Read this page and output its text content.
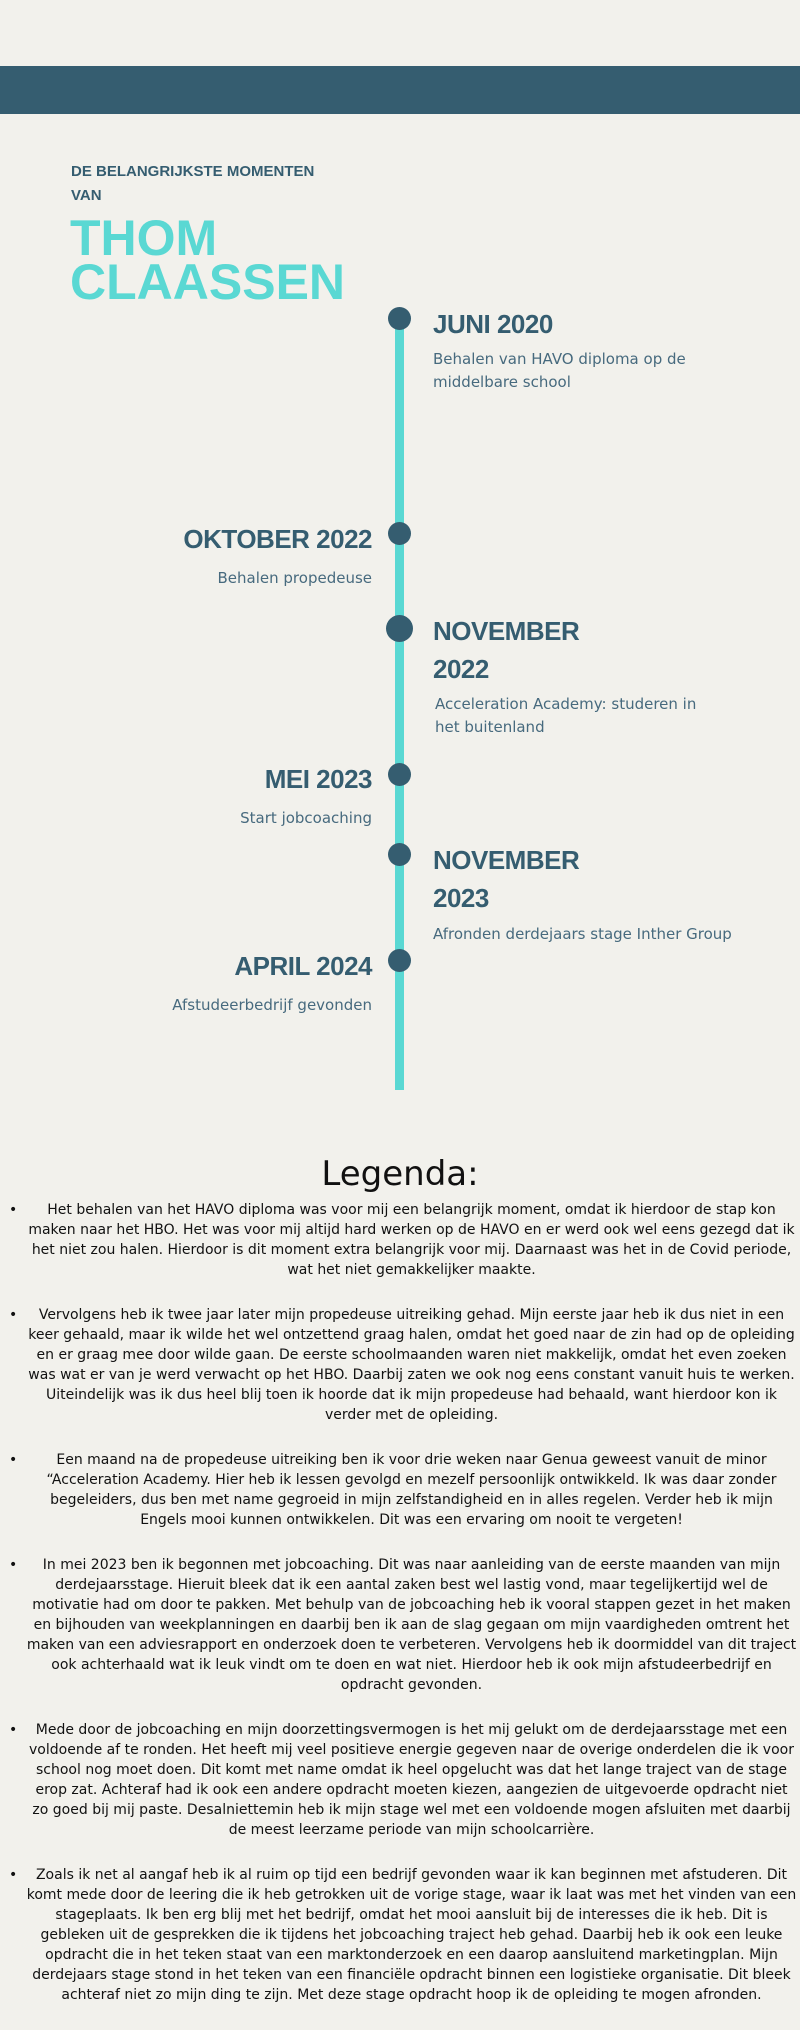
DE BELANGRIJKSTE MOMENTEN VAN
THOM CLAASSEN
JUNI 2020
Behalen van HAVO diploma op de middelbare school
OKTOBER 2022
Behalen propedeuse
NOVEMBER 2022
Acceleration Academy: studeren in het buitenland
MEI 2023
Start jobcoaching
NOVEMBER 2023
Afronden derdejaars stage Inther Group
APRIL 2024
Afstudeerbedrijf gevonden
Legenda:
• Het behalen van het HAVO diploma was voor mij een belangrijk moment, omdat ik hierdoor de stap kon maken naar het HBO. Het was voor mij altijd hard werken op de HAVO en er werd ook wel eens gezegd dat ik het niet zou halen. Hierdoor is dit moment extra belangrijk voor mij. Daarnaast was het in de Covid periode, wat het niet gemakkelijker maakte.
• Vervolgens heb ik twee jaar later mijn propedeuse uitreiking gehad. Mijn eerste jaar heb ik dus niet in een keer gehaald, maar ik wilde het wel ontzettend graag halen, omdat het goed naar de zin had op de opleiding en er graag mee door wilde gaan. De eerste schoolmaanden waren niet makkelijk, omdat het even zoeken was wat er van je werd verwacht op het HBO. Daarbij zaten we ook nog eens constant vanuit huis te werken. Uiteindelijk was ik dus heel blij toen ik hoorde dat ik mijn propedeuse had behaald, want hierdoor kon ik verder met de opleiding.
•	Een maand na de propedeuse uitreiking ben ik voor drie weken naar Genua geweest vanuit de minor “Acceleration Academy. Hier heb ik lessen gevolgd en mezelf persoonlijk ontwikkeld. Ik was daar zonder begeleiders, dus ben met name gegroeid in mijn zelfstandigheid en in alles regelen. Verder heb ik mijn Engels mooi kunnen ontwikkelen. Dit was een ervaring om nooit te vergeten!
• In mei 2023 ben ik begonnen met jobcoaching. Dit was naar aanleiding van de eerste maanden van mijn derdejaarsstage. Hieruit bleek dat ik een aantal zaken best wel lastig vond, maar tegelijkertijd wel de motivatie had om door te pakken. Met behulp van de jobcoaching heb ik vooral stappen gezet in het maken en bijhouden van weekplanningen en daarbij ben ik aan de slag gegaan om mijn vaardigheden omtrent het maken van een adviesrapport en onderzoek doen te verbeteren. Vervolgens heb ik doormiddel van dit traject ook achterhaald wat ik leuk vindt om te doen en wat niet. Hierdoor heb ik ook mijn afstudeerbedrijf en opdracht gevonden.
• Mede door de jobcoaching en mijn doorzettingsvermogen is het mij gelukt om de derdejaarsstage met een voldoende af te ronden. Het heeft mij veel positieve energie gegeven naar de overige onderdelen die ik voor school nog moet doen. Dit komt met name omdat ik heel opgelucht was dat het lange traject van de stage erop zat. Achteraf had ik ook een andere opdracht moeten kiezen, aangezien de uitgevoerde opdracht niet zo goed bij mij paste. Desalniettemin heb ik mijn stage wel met een voldoende mogen afsluiten met daarbij de meest leerzame periode van mijn schoolcarrière.
• Zoals ik net al aangaf heb ik al ruim op tijd een bedrijf gevonden waar ik kan beginnen met afstuderen. Dit komt mede door de leering die ik heb getrokken uit de vorige stage, waar ik laat was met het vinden van een stageplaats. Ik ben erg blij met het bedrijf, omdat het mooi aansluit bij de interesses die ik heb. Dit is gebleken uit de gesprekken die ik tijdens het jobcoaching traject heb gehad. Daarbij heb ik ook een leuke opdracht die in het teken staat van een marktonderzoek en een daarop aansluitend marketingplan. Mijn derdejaars stage stond in het teken van een financiële opdracht binnen een logistieke organisatie. Dit bleek achteraf niet zo mijn ding te zijn. Met deze stage opdracht hoop ik de opleiding te mogen afronden.
